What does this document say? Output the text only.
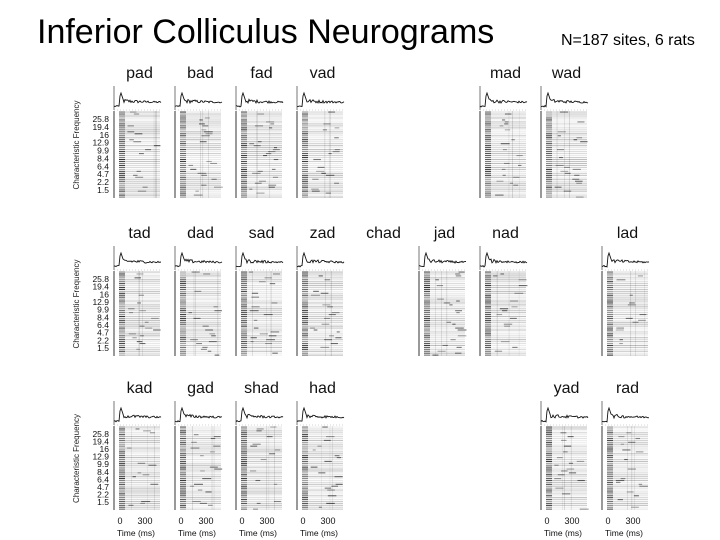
Inferior Colliculus Neurograms	N=187 sites, 6 rats
pad bad fad vad	mad wad
Characteristic Frequency 25.8
19.4
16
12.9
9.9
8.4
6.4
4.7
2.2
1.5
tad dad sad zad chad jad nad	lad
Characteristic Frequency 25.8
19.4
16
12.9
9.9
8.4
6.4
4.7
2.2
1.5
kad gad shad had	yad rad
Characteristic Frequency 25.8
19.4
16
12.9
9.9
8.4
6.4
4.7
2.2
1.5
0 300
Time (ms)
0 300
Time (ms)
0 300
Time (ms)
0 300
Time (ms)
0 300
Time (ms)
0 300
Time (ms)
